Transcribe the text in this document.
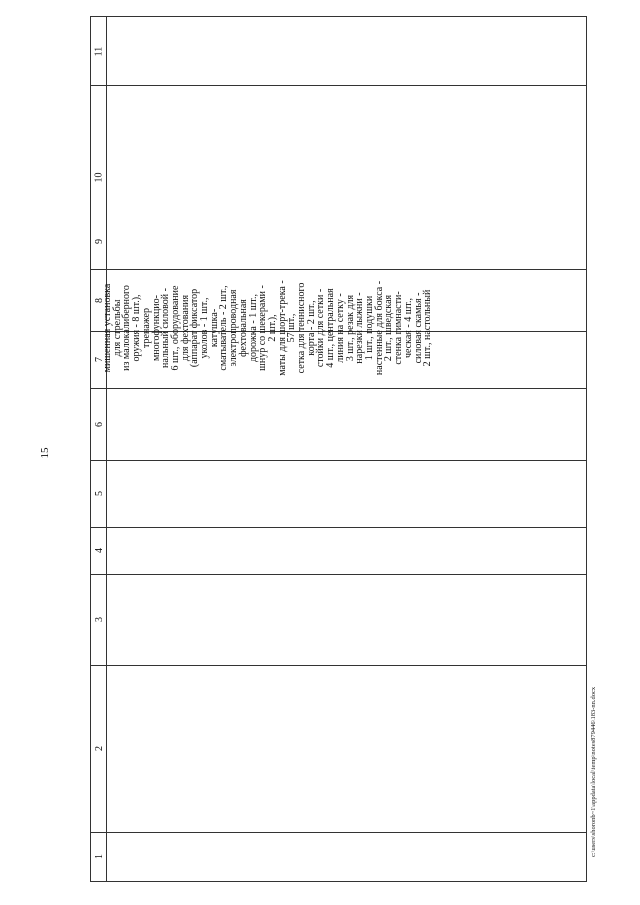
15
c:\users\shoronb~1\appdata\local\temp\notes879446\183-nn.docx
1
2
3
4
5
6
7
8
9
10
11
мишенная установка
для стрельбы
из малокалиберного
оружия - 8 шт.),
тренажер
многофункцио-
нальный силовой -
6 шт., оборудование
для фехтования
(аппарат фиксатор
уколов - 1 шт.,
катушка-
сматыватель - 2 шт.,
электропроводная
фехтовальная
дорожка - 1 шт.,
шнур со шекерами -
2 шт.),
маты для шорт-трека -
57 шт.,
сетка для теннисного
корта - 2 шт.,
стойки для сетки -
4 шт., центральная
линия на сетку -
3 шт., резак для
нарезки лыжни -
1 шт., подушки
настенные для бокса -
2 шт., шведская
стенка гимнасти-
ческая - 4 шт.,
силовая скамья -
2 шт., настольный
